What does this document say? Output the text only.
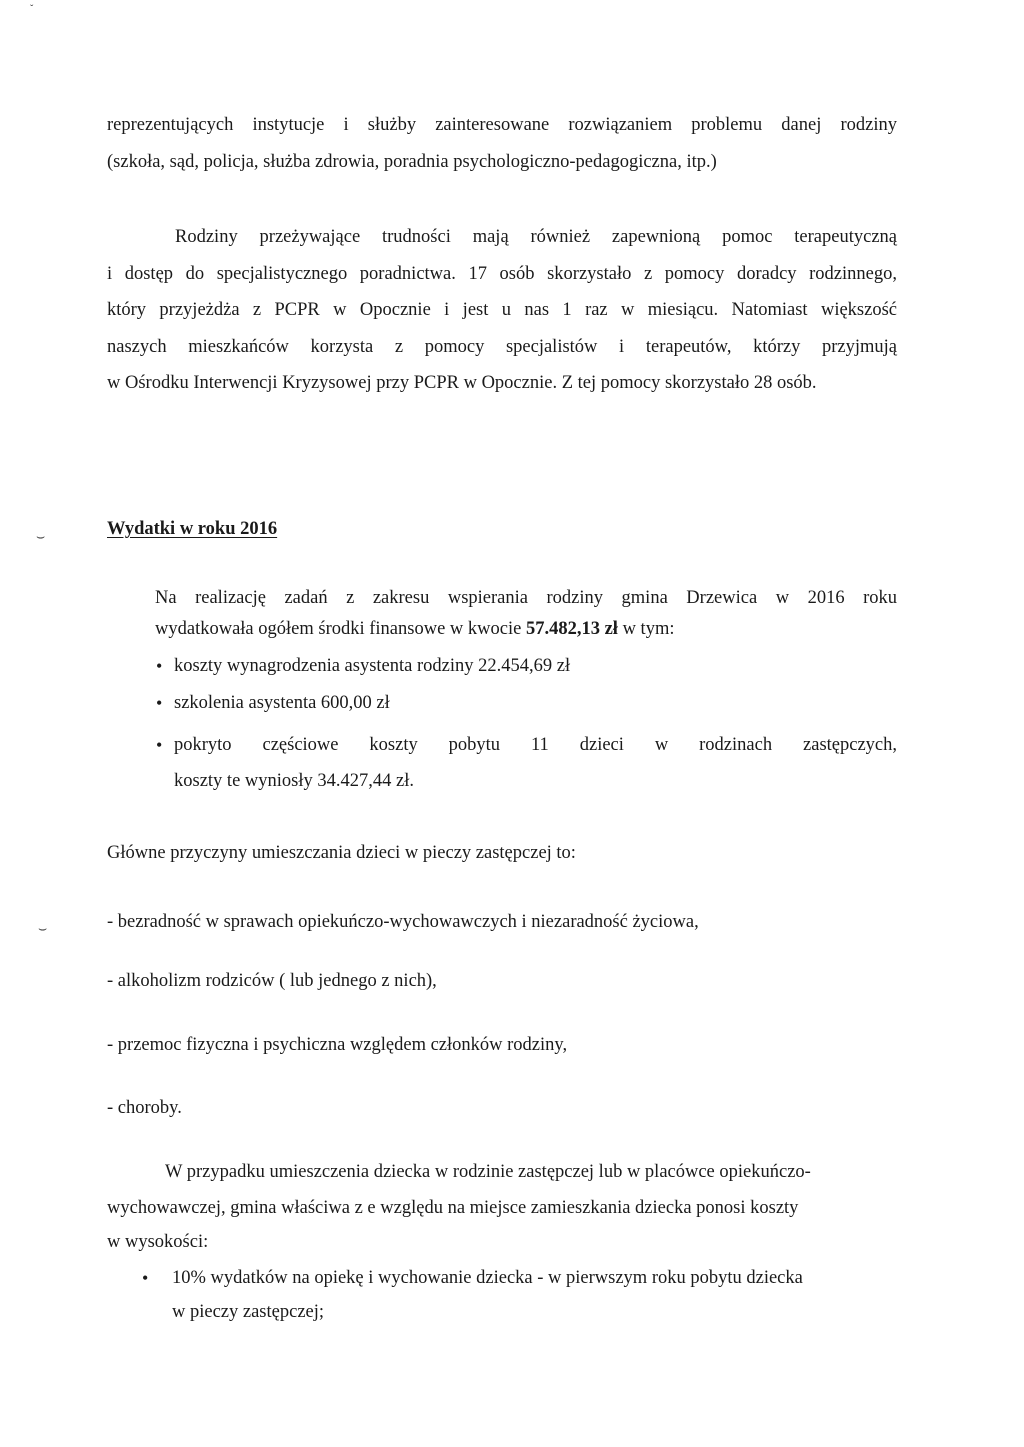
reprezentujących instytucje i służby zainteresowane rozwiązaniem problemu danej rodziny
(szkoła, sąd, policja, służba zdrowia, poradnia psychologiczno-pedagogiczna, itp.)
Rodziny przeżywające trudności mają również zapewnioną pomoc terapeutyczną
i dostęp do specjalistycznego poradnictwa. 17 osób skorzystało z pomocy doradcy rodzinnego,
który przyjeżdża z PCPR w Opocznie i jest u nas 1 raz w miesiącu. Natomiast większość
naszych mieszkańców korzysta z pomocy specjalistów i terapeutów, którzy przyjmują
w Ośrodku Interwencji Kryzysowej przy PCPR w Opocznie. Z tej pomocy skorzystało 28 osób.
Wydatki w roku 2016
Na realizację zadań z zakresu wspierania rodziny gmina Drzewica w 2016 roku
wydatkowała ogółem środki finansowe w kwocie 57.482,13 zł w tym:
• koszty wynagrodzenia asystenta rodziny 22.454,69 zł
• szkolenia asystenta 600,00 zł
• pokryto częściowe koszty pobytu 11 dzieci w rodzinach zastępczych,
koszty te wyniosły 34.427,44 zł.
Główne przyczyny umieszczania dzieci w pieczy zastępczej to:
- bezradność w sprawach opiekuńczo-wychowawczych i niezaradność życiowa,
- alkoholizm rodziców ( lub jednego z nich),
- przemoc fizyczna i psychiczna względem członków rodziny,
- choroby.
W przypadku umieszczenia dziecka w rodzinie zastępczej lub w placówce opiekuńczo-
wychowawczej, gmina właściwa z e względu na miejsce zamieszkania dziecka ponosi koszty
w wysokości:
• 10% wydatków na opiekę i wychowanie dziecka - w pierwszym roku pobytu dziecka
w pieczy zastępczej;
ˇ
⌣
⌣
